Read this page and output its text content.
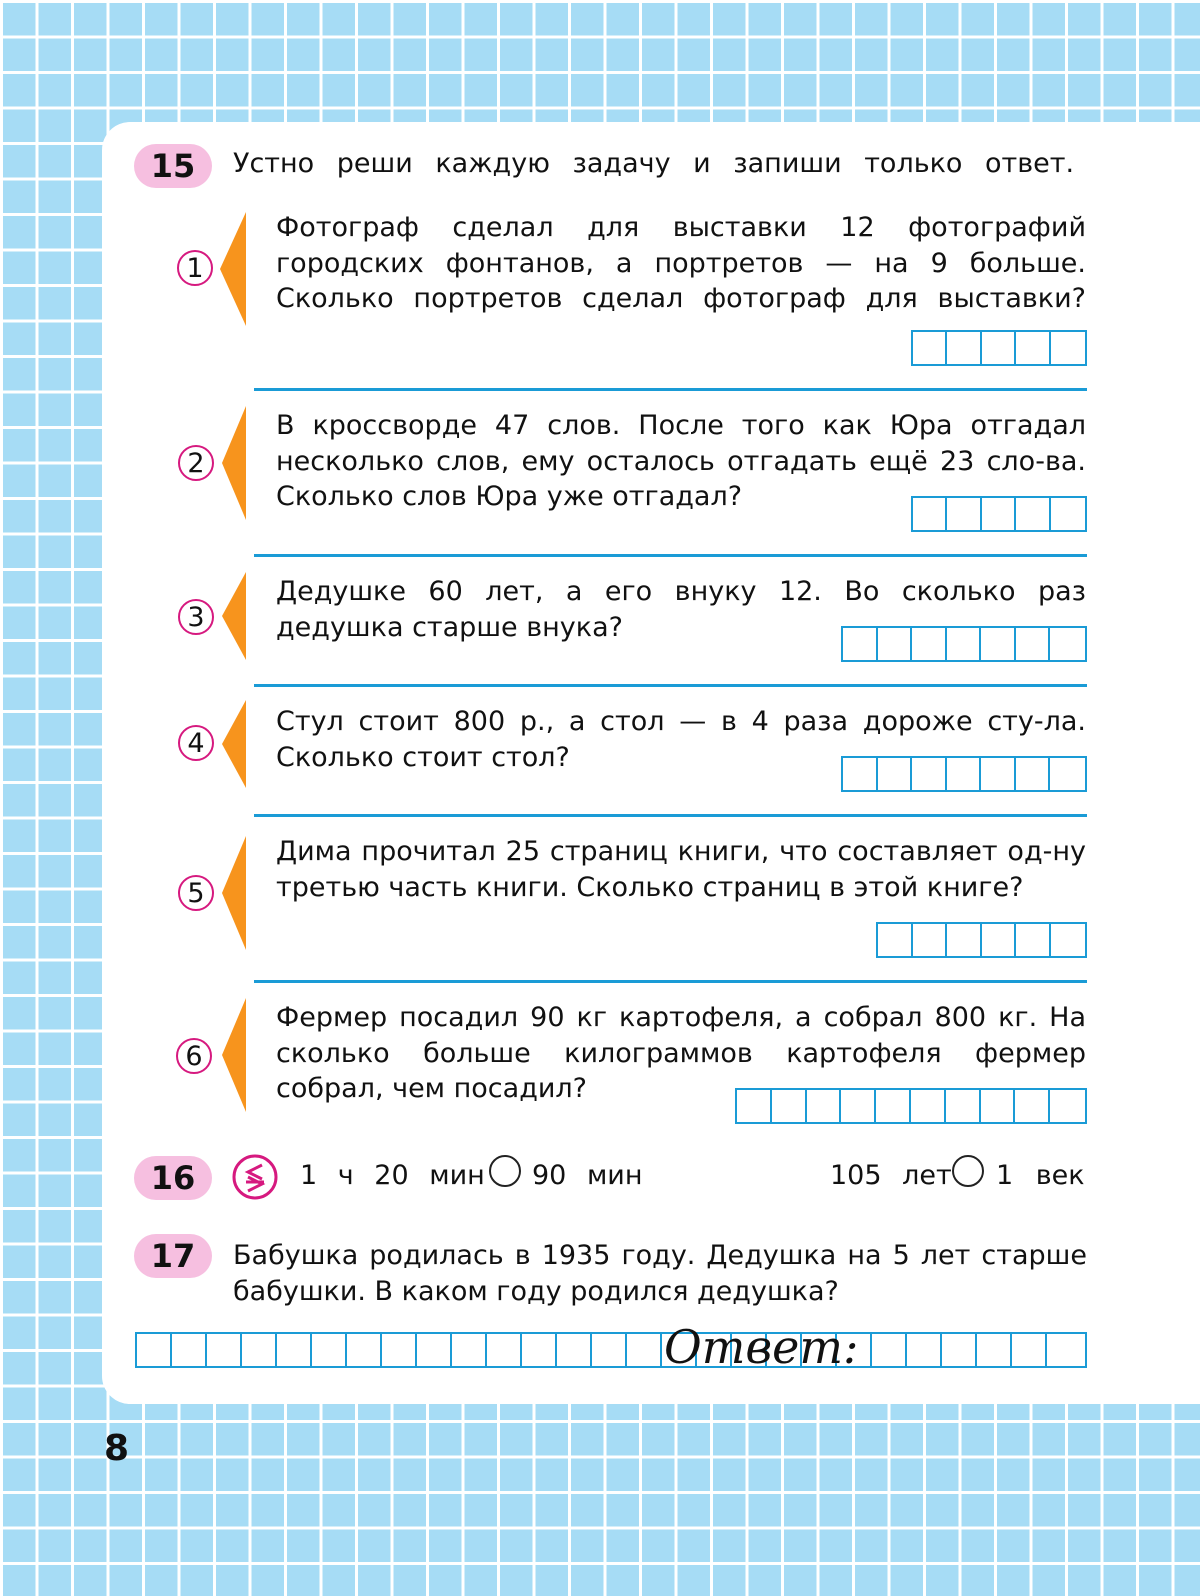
15 Устно реши каждую задачу и запиши только ответ.
1
Фотограф сделал для выставки 12 фотографий городских фонтанов, а портретов — на 9 больше. Сколько портретов сделал фотограф для выставки?
2
В кроссворде 47 слов. После того как Юра отгадал несколько слов, ему осталось отгадать ещё 23 сло-ва. Сколько слов Юра уже отгадал?
3
Дедушке 60 лет, а его внуку 12. Во сколько раз дедушка старше внука?
4
Стул стоит 800 р., а стол — в 4 раза дороже сту-ла. Сколько стоит стол?
5
Дима прочитал 25 страниц книги, что составляет од-ну третью часть книги. Сколько страниц в этой книге?
6
Фермер посадил 90 кг картофеля, а собрал 800 кг. На сколько больше килограммов картофеля фермер собрал, чем посадил?
16	1 ч 20 мин 90 мин	105 лет 1 век
17 Бабушка родилась в 1935 году. Дедушка на 5 лет старше бабушки. В каком году родился дедушка?
Ответ:
8
